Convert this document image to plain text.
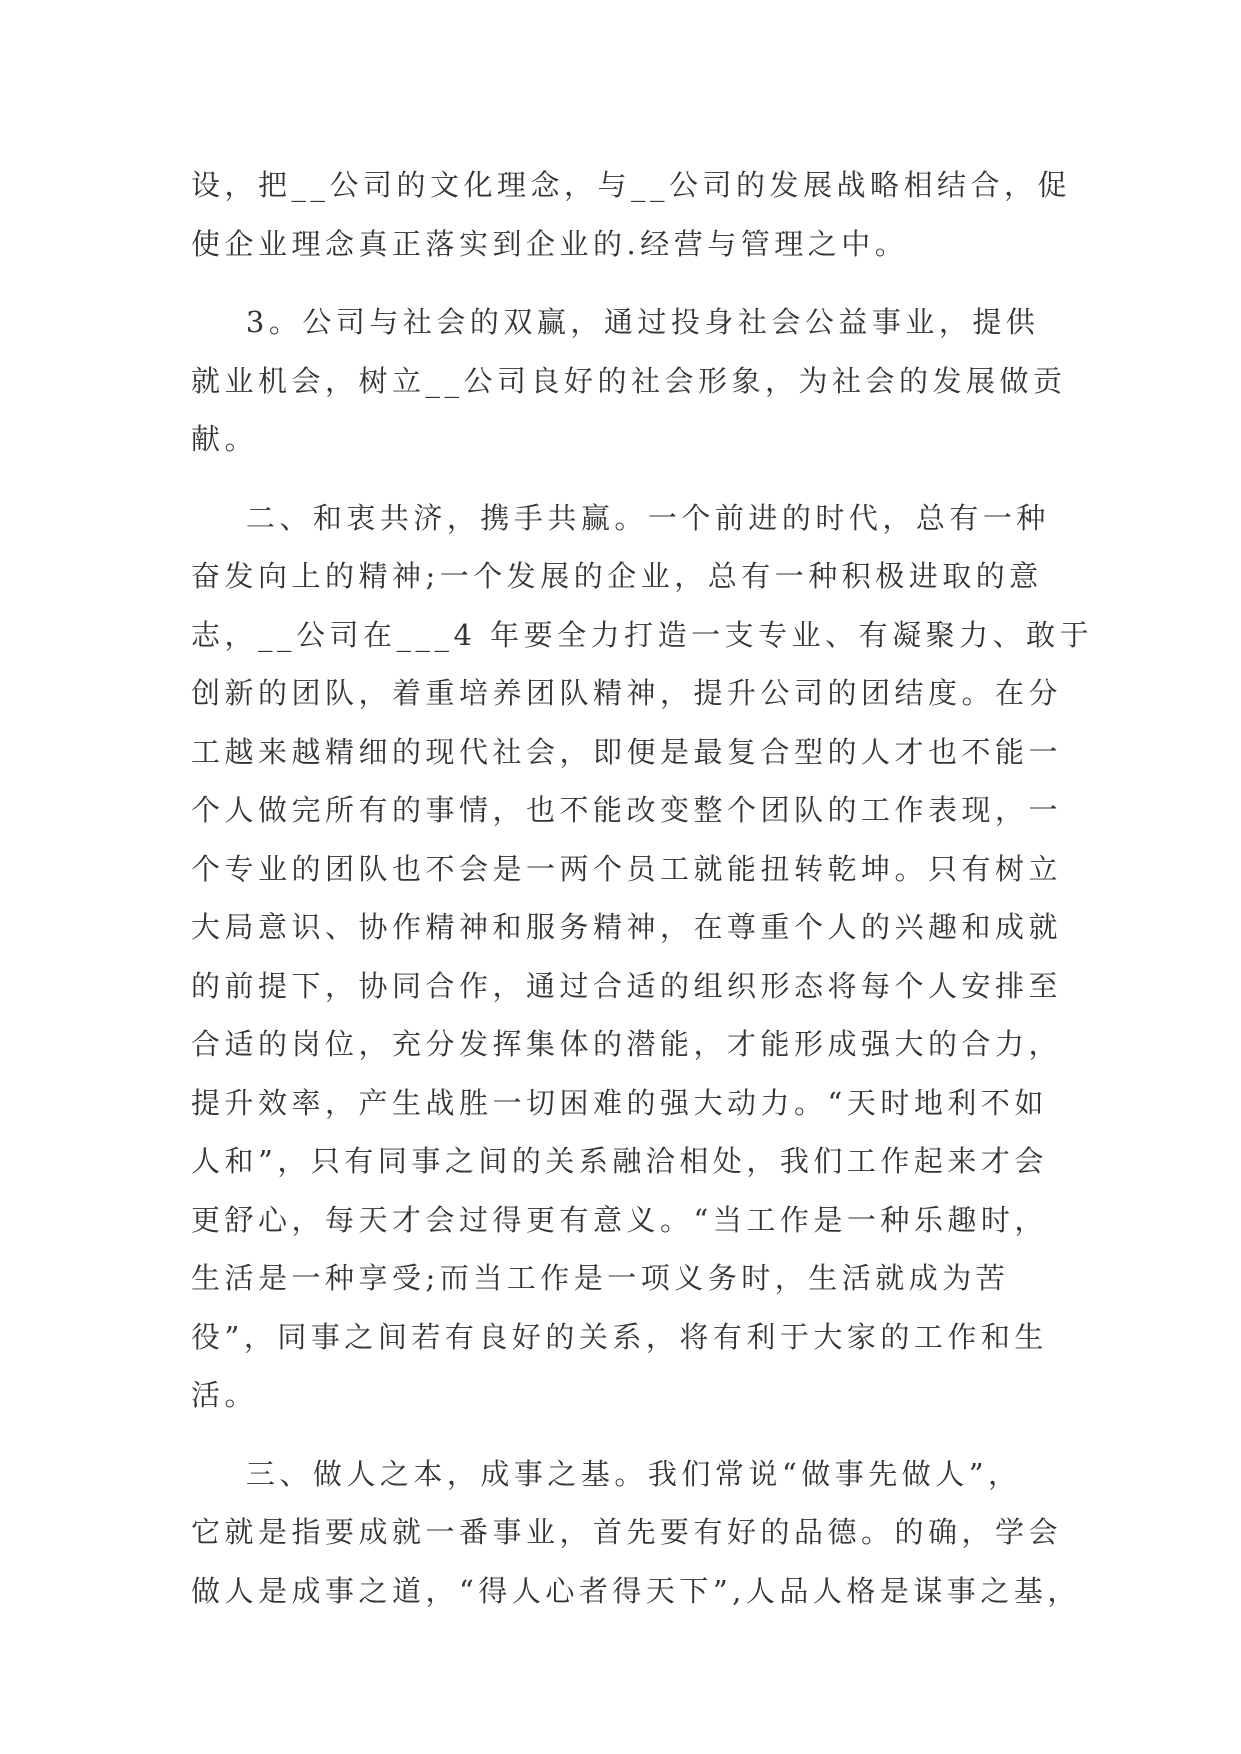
设，把__公司的文化理念，与__公司的发展战略相结合，促
使企业理念真正落实到企业的.经营与管理之中。
3。公司与社会的双赢，通过投身社会公益事业，提供
就业机会，树立__公司良好的社会形象，为社会的发展做贡
献。
二、和衷共济，携手共赢。一个前进的时代，总有一种
奋发向上的精神;一个发展的企业，总有一种积极进取的意
志，__公司在___4 年要全力打造一支专业、有凝聚力、敢于
创新的团队，着重培养团队精神，提升公司的团结度。在分
工越来越精细的现代社会，即便是最复合型的人才也不能一
个人做完所有的事情，也不能改变整个团队的工作表现，一
个专业的团队也不会是一两个员工就能扭转乾坤。只有树立
大局意识、协作精神和服务精神，在尊重个人的兴趣和成就
的前提下，协同合作，通过合适的组织形态将每个人安排至
合适的岗位，充分发挥集体的潜能，才能形成强大的合力，
提升效率，产生战胜一切困难的强大动力。“天时地利不如
人和”，只有同事之间的关系融洽相处，我们工作起来才会
更舒心，每天才会过得更有意义。“当工作是一种乐趣时，
生活是一种享受;而当工作是一项义务时，生活就成为苦
役”，同事之间若有良好的关系，将有利于大家的工作和生
活。
三、做人之本，成事之基。我们常说“做事先做人”，
它就是指要成就一番事业，首先要有好的品德。的确，学会
做人是成事之道，“得人心者得天下”,人品人格是谋事之基，
